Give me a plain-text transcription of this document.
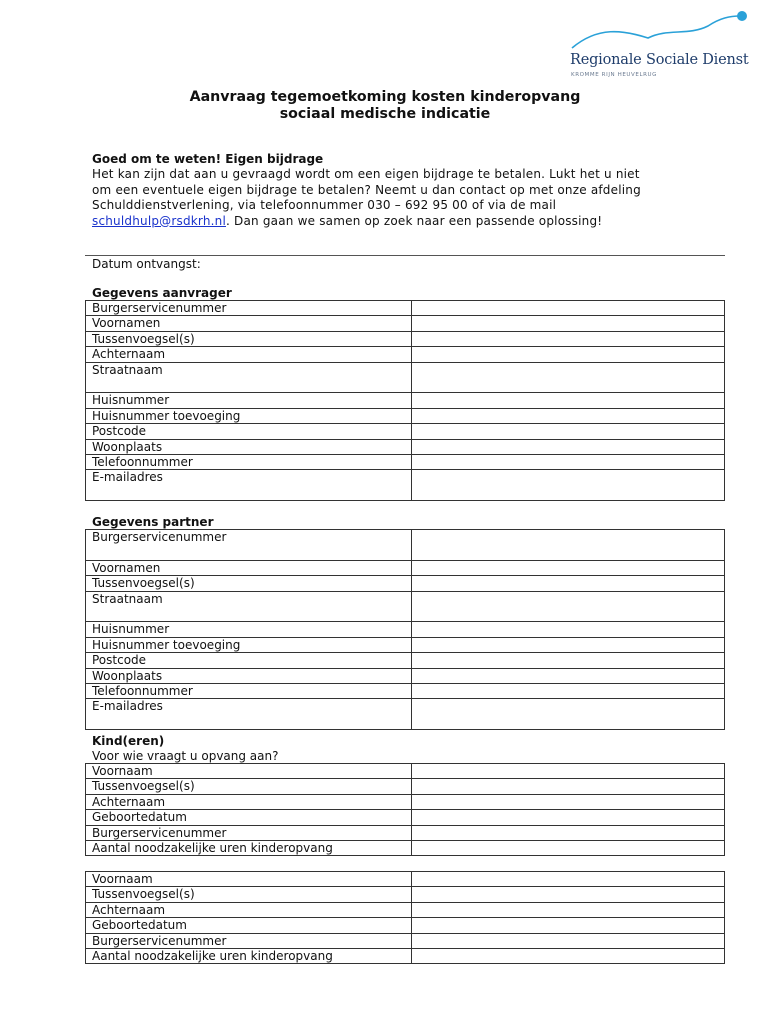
Regionale Sociale Dienst
KROMME RIJN HEUVELRUG
Aanvraag tegemoetkoming kosten kinderopvang
sociaal medische indicatie
Goed om te weten! Eigen bijdrage
Het kan zijn dat aan u gevraagd wordt om een eigen bijdrage te betalen. Lukt het u niet
om een eventuele eigen bijdrage te betalen? Neemt u dan contact op met onze afdeling
Schulddienstverlening, via telefoonnummer 030 – 692 95 00 of via de mail
schuldhulp@rsdkrh.nl. Dan gaan we samen op zoek naar een passende oplossing!
Datum ontvangst:
Gegevens aanvrager
Burgerservicenummer	
Voornamen	
Tussenvoegsel(s)	
Achternaam	
Straatnaam	
Huisnummer	
Huisnummer toevoeging	
Postcode	
Woonplaats	
Telefoonnummer	
E-mailadres	
Gegevens partner
Burgerservicenummer	
Voornamen	
Tussenvoegsel(s)	
Straatnaam	
Huisnummer	
Huisnummer toevoeging	
Postcode	
Woonplaats	
Telefoonnummer	
E-mailadres	
Kind(eren)
Voor wie vraagt u opvang aan?
Voornaam	
Tussenvoegsel(s)	
Achternaam	
Geboortedatum	
Burgerservicenummer	
Aantal noodzakelijke uren kinderopvang	
Voornaam	
Tussenvoegsel(s)	
Achternaam	
Geboortedatum	
Burgerservicenummer	
Aantal noodzakelijke uren kinderopvang	
